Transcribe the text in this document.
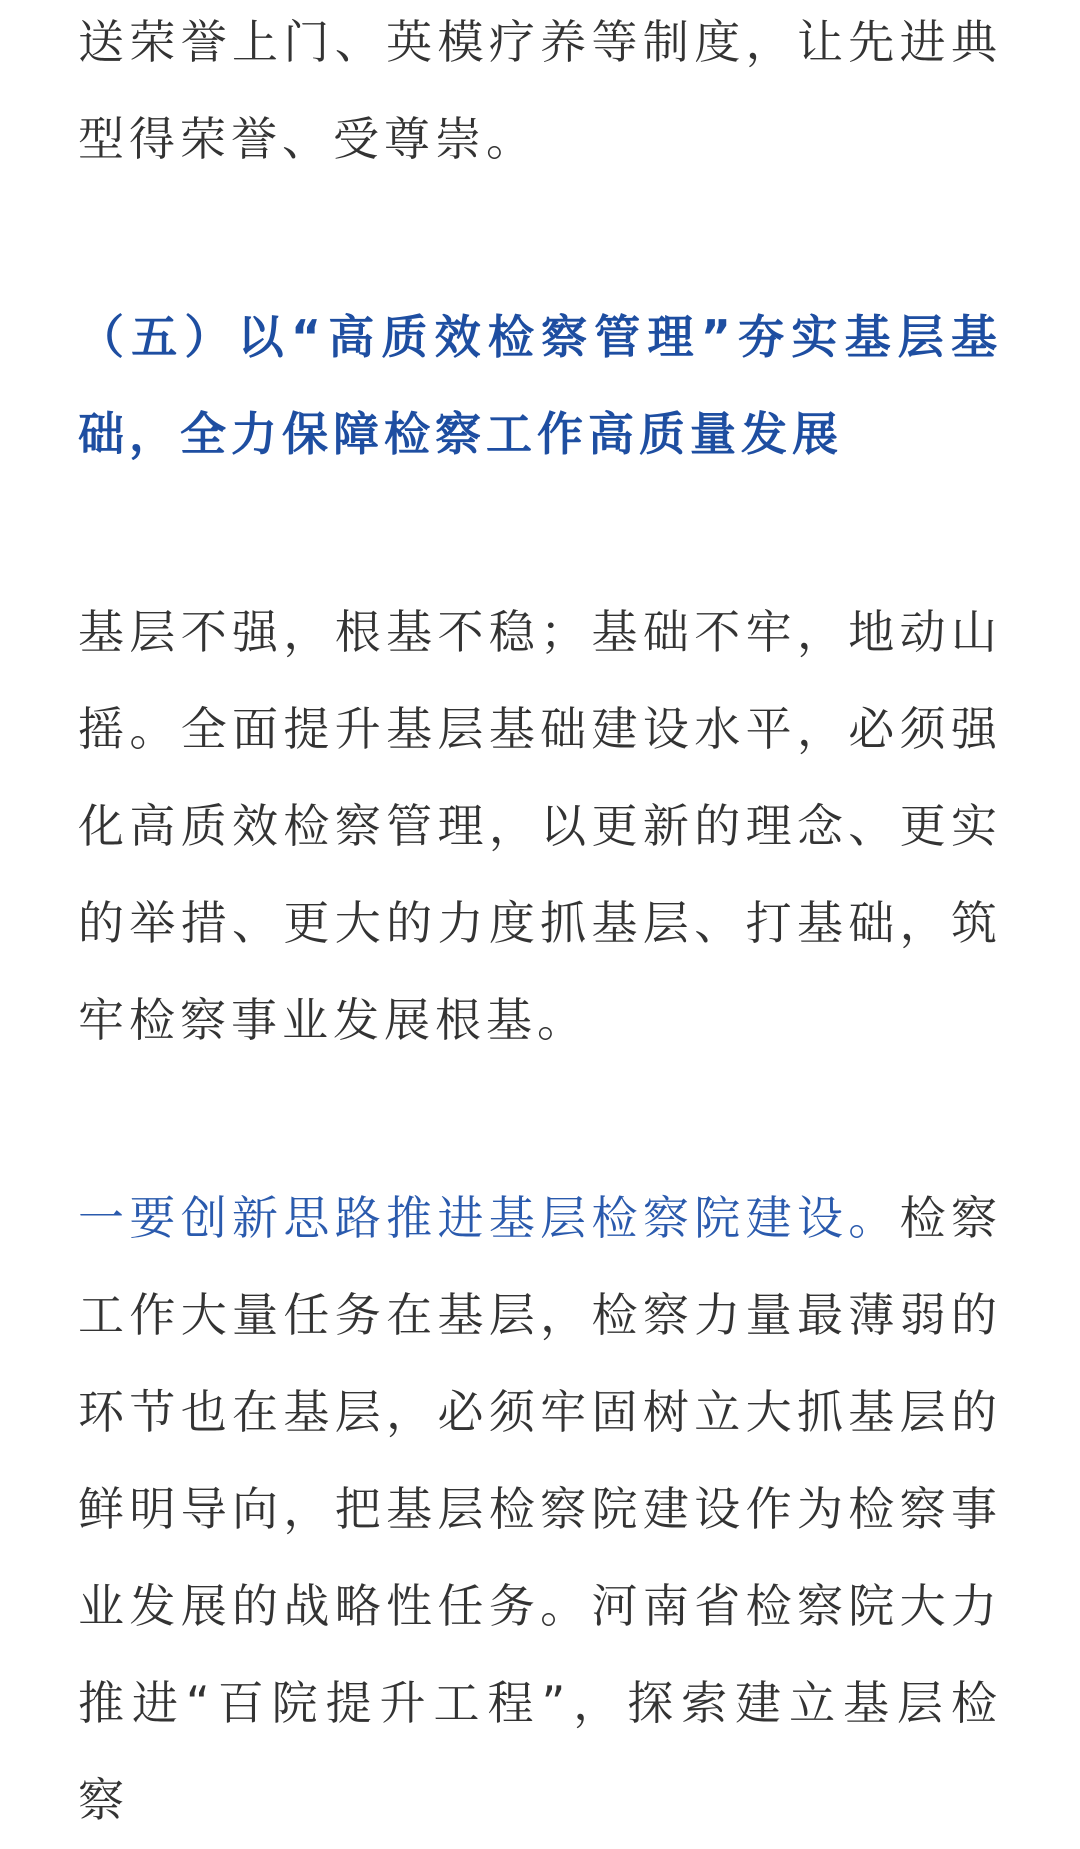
送荣誉上门、英模疗养等制度，让先进典型得荣誉、受尊崇。

（五）以“高质效检察管理”夯实基层基础，全力保障检察工作高质量发展

基层不强，根基不稳；基础不牢，地动山摇。全面提升基层基础建设水平，必须强化高质效检察管理，以更新的理念、更实的举措、更大的力度抓基层、打基础，筑牢检察事业发展根基。

一要创新思路推进基层检察院建设。检察工作大量任务在基层，检察力量最薄弱的环节也在基层，必须牢固树立大抓基层的鲜明导向，把基层检察院建设作为检察事业发展的战略性任务。河南省检察院大力推进“百院提升工程”，探索建立基层检察
